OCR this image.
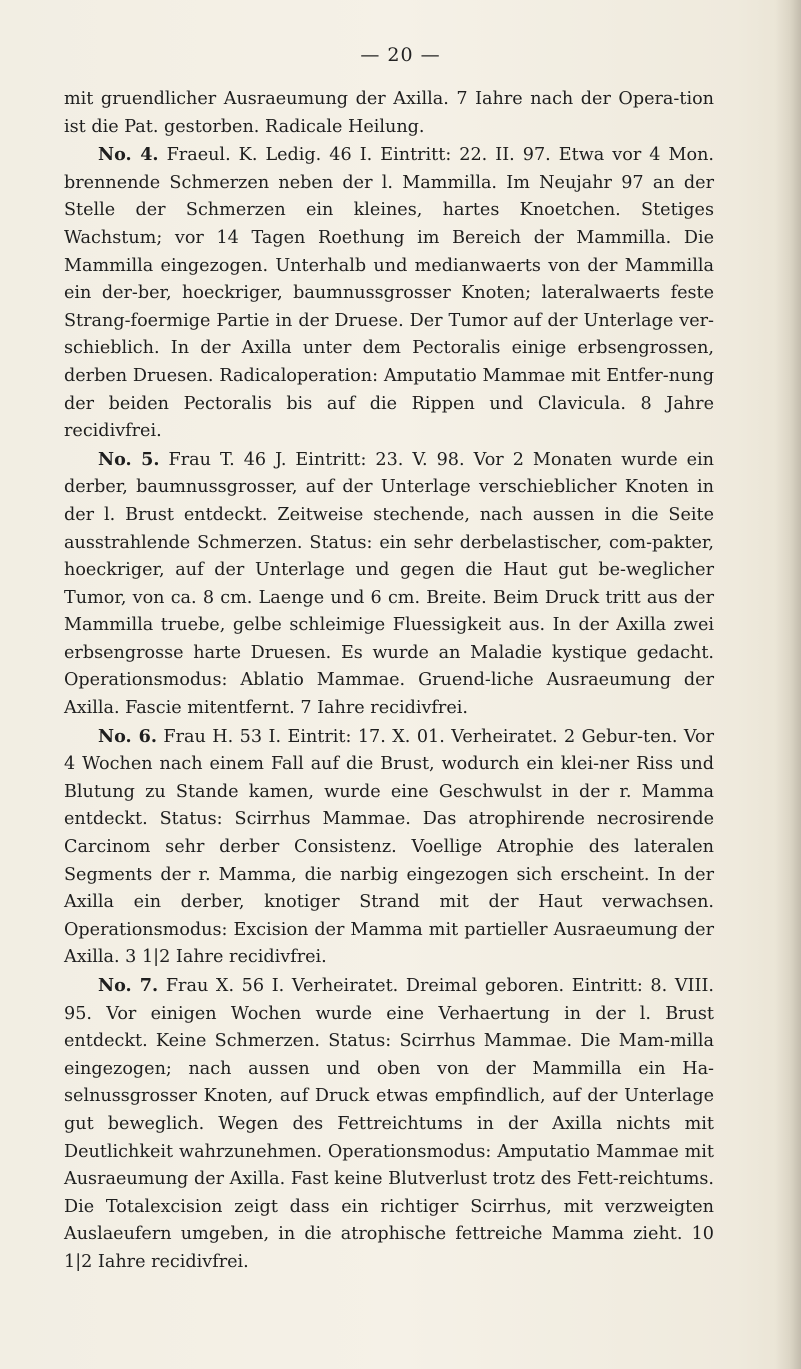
— 20 —

mit gruendlicher Ausraeumung der Axilla. 7 Iahre nach der Opera-tion ist die Pat. gestorben. Radicale Heilung.

No. 4. Fraeul. K. Ledig. 46 I. Eintritt: 22. II. 97. Etwa vor 4 Mon. brennende Schmerzen neben der l. Mammilla. Im Neujahr 97 an der Stelle der Schmerzen ein kleines, hartes Knoetchen. Stetiges Wachstum; vor 14 Tagen Roethung im Bereich der Mammilla. Die Mammilla eingezogen. Unterhalb und medianwaerts von der Mammilla ein der-ber, hoeckriger, baumnussgrosser Knoten; lateralwaerts feste Strang-foermige Partie in der Druese. Der Tumor auf der Unterlage ver-schieblich. In der Axilla unter dem Pectoralis einige erbsengrossen, derben Druesen. Radicaloperation: Amputatio Mammae mit Entfer-nung der beiden Pectoralis bis auf die Rippen und Clavicula. 8 Jahre recidivfrei.

No. 5. Frau T. 46 J. Eintritt: 23. V. 98. Vor 2 Monaten wurde ein derber, baumnussgrosser, auf der Unterlage verschieblicher Knoten in der l. Brust entdeckt. Zeitweise stechende, nach aussen in die Seite ausstrahlende Schmerzen. Status: ein sehr derbelastischer, com-pakter, hoeckriger, auf der Unterlage und gegen die Haut gut be-weglicher Tumor, von ca. 8 cm. Laenge und 6 cm. Breite. Beim Druck tritt aus der Mammilla truebe, gelbe schleimige Fluessigkeit aus. In der Axilla zwei erbsengrosse harte Druesen. Es wurde an Maladie kystique gedacht. Operationsmodus: Ablatio Mammae. Gruend-liche Ausraeumung der Axilla. Fascie mitentfernt. 7 Iahre recidivfrei.

No. 6. Frau H. 53 I. Eintrit: 17. X. 01. Verheiratet. 2 Gebur-ten. Vor 4 Wochen nach einem Fall auf die Brust, wodurch ein klei-ner Riss und Blutung zu Stande kamen, wurde eine Geschwulst in der r. Mamma entdeckt. Status: Scirrhus Mammae. Das atrophirende necrosirende Carcinom sehr derber Consistenz. Voellige Atrophie des lateralen Segments der r. Mamma, die narbig eingezogen sich erscheint. In der Axilla ein derber, knotiger Strand mit der Haut verwachsen. Operationsmodus: Excision der Mamma mit partieller Ausraeumung der Axilla. 3 1|2 Iahre recidivfrei.

No. 7. Frau X. 56 I. Verheiratet. Dreimal geboren. Eintritt: 8. VIII. 95. Vor einigen Wochen wurde eine Verhaertung in der l. Brust entdeckt. Keine Schmerzen. Status: Scirrhus Mammae. Die Mam-milla eingezogen; nach aussen und oben von der Mammilla ein Ha-selnussgrosser Knoten, auf Druck etwas empfindlich, auf der Unterlage gut beweglich. Wegen des Fettreichtums in der Axilla nichts mit Deutlichkeit wahrzunehmen. Operationsmodus: Amputatio Mammae mit Ausraeumung der Axilla. Fast keine Blutverlust trotz des Fett-reichtums. Die Totalexcision zeigt dass ein richtiger Scirrhus, mit verzweigten Auslaeufern umgeben, in die atrophische fettreiche Mamma zieht. 10 1|2 Iahre recidivfrei.
